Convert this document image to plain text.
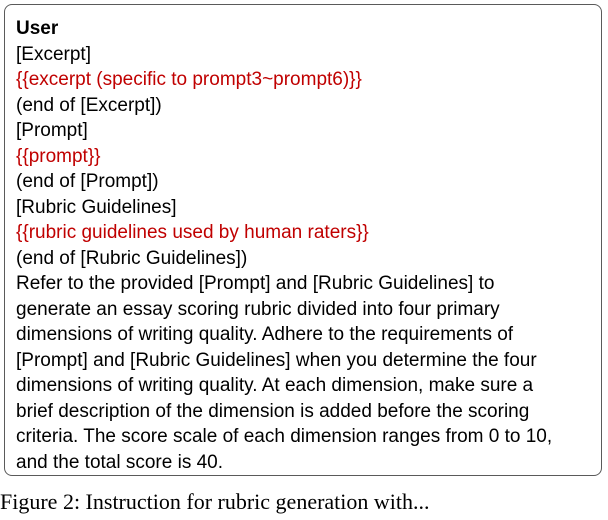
User
[Excerpt]
{{excerpt (specific to prompt3~prompt6)}}
(end of [Excerpt])
[Prompt]
{{prompt}}
(end of [Prompt])
[Rubric Guidelines]
{{rubric guidelines used by human raters}}
(end of [Rubric Guidelines])
Refer to the provided [Prompt] and [Rubric Guidelines] to
generate an essay scoring rubric divided into four primary
dimensions of writing quality. Adhere to the requirements of
[Prompt] and [Rubric Guidelines] when you determine the four
dimensions of writing quality. At each dimension, make sure a
brief description of the dimension is added before the scoring
criteria. The score scale of each dimension ranges from 0 to 10,
and the total score is 40.
Figure 2: Instruction for rubric generation with...
